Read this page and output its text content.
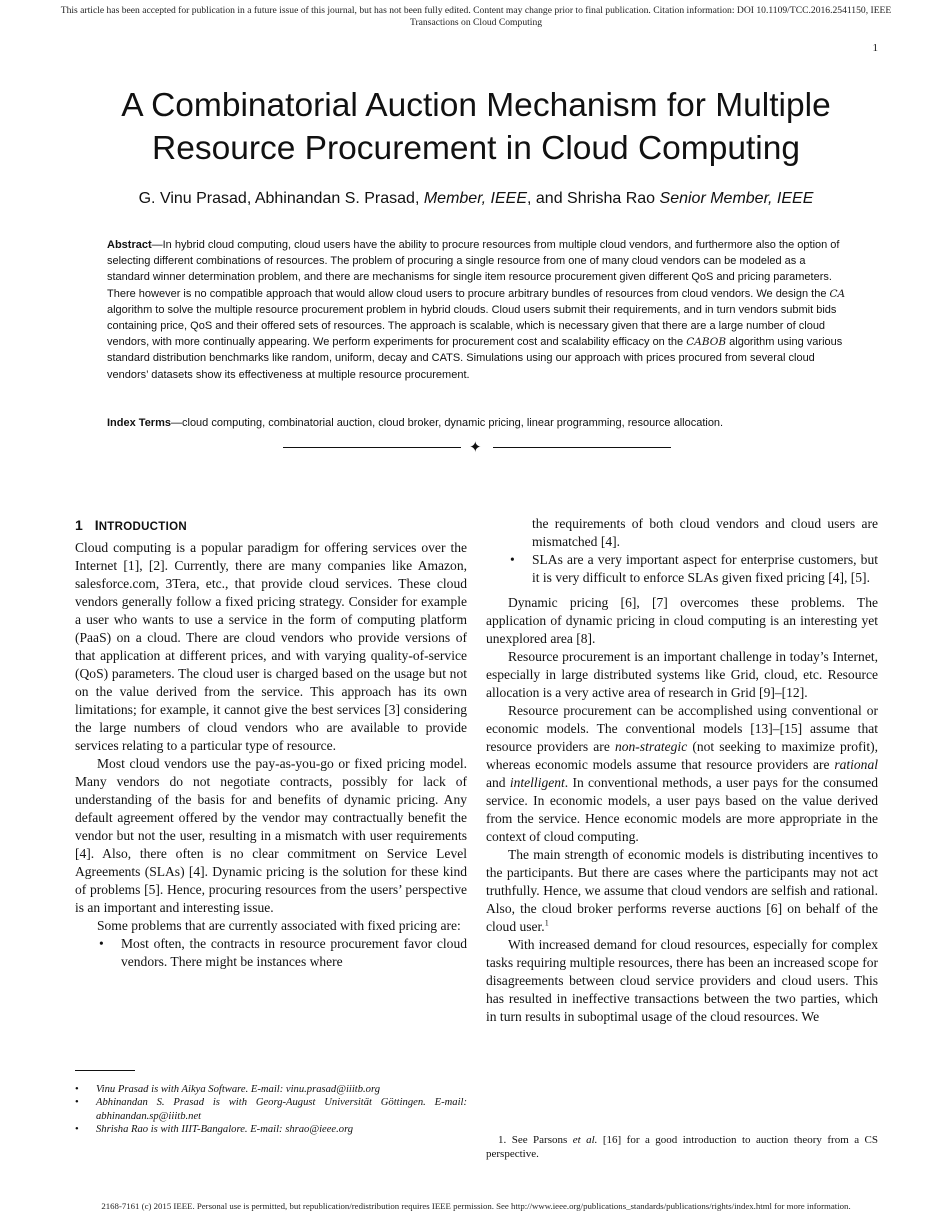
This article has been accepted for publication in a future issue of this journal, but has not been fully edited. Content may change prior to final publication. Citation information: DOI 10.1109/TCC.2016.2541150, IEEE
Transactions on Cloud Computing
1
A Combinatorial Auction Mechanism for Multiple
Resource Procurement in Cloud Computing
G. Vinu Prasad, Abhinandan S. Prasad, Member, IEEE, and Shrisha Rao Senior Member, IEEE
Abstract—In hybrid cloud computing, cloud users have the ability to procure resources from multiple cloud vendors, and furthermore also the option of selecting different combinations of resources. The problem of procuring a single resource from one of many cloud vendors can be modeled as a standard winner determination problem, and there are mechanisms for single item resource procurement given different QoS and pricing parameters. There however is no compatible approach that would allow cloud users to procure arbitrary bundles of resources from cloud vendors. We design the CA algorithm to solve the multiple resource procurement problem in hybrid clouds. Cloud users submit their requirements, and in turn vendors submit bids containing price, QoS and their offered sets of resources. The approach is scalable, which is necessary given that there are a large number of cloud vendors, with more continually appearing. We perform experiments for procurement cost and scalability efficacy on the CABOB algorithm using various standard distribution benchmarks like random, uniform, decay and CATS. Simulations using our approach with prices procured from several cloud vendors’ datasets show its effectiveness at multiple resource procurement.
Index Terms—cloud computing, combinatorial auction, cloud broker, dynamic pricing, linear programming, resource allocation.
✦
1 INTRODUCTION

Cloud computing is a popular paradigm for offering services over the Internet [1], [2]. Currently, there are many companies like Amazon, salesforce.com, 3Tera, etc., that provide cloud services. These cloud vendors generally follow a fixed pricing strategy. Consider for example a user who wants to use a service in the form of computing platform (PaaS) on a cloud. There are cloud vendors who provide versions of that application at different prices, and with varying quality-of-service (QoS) parameters. The cloud user is charged based on the usage but not on the value derived from the service. This approach has its own limitations; for example, it cannot give the best services [3] considering the large numbers of cloud vendors who are available to provide services relating to a particular type of resource.

Most cloud vendors use the pay-as-you-go or fixed pricing model. Many vendors do not negotiate contracts, possibly for lack of understanding of the basis for and benefits of dynamic pricing. Any default agreement offered by the vendor may contractually benefit the vendor but not the user, resulting in a mismatch with user requirements [4]. Also, there often is no clear commitment on Service Level Agreements (SLAs) [4]. Dynamic pricing is the solution for these kind of problems [5]. Hence, procuring resources from the users’ perspective is an important and interesting issue.

Some problems that are currently associated with fixed pricing are:

• Most often, the contracts in resource procurement favor cloud vendors. There might be instances where
• Vinu Prasad is with Aikya Software. E-mail: vinu.prasad@iiitb.org
• Abhinandan S. Prasad is with Georg-August Universität Göttingen. E-mail: abhinandan.sp@iiitb.net
• Shrisha Rao is with IIIT-Bangalore. E-mail: shrao@ieee.org
the requirements of both cloud vendors and cloud users are mismatched [4].
• SLAs are a very important aspect for enterprise customers, but it is very difficult to enforce SLAs given fixed pricing [4], [5].

Dynamic pricing [6], [7] overcomes these problems. The application of dynamic pricing in cloud computing is an interesting yet unexplored area [8].

Resource procurement is an important challenge in today’s Internet, especially in large distributed systems like Grid, cloud, etc. Resource allocation is a very active area of research in Grid [9]–[12].

Resource procurement can be accomplished using conventional or economic models. The conventional models [13]–[15] assume that resource providers are non-strategic (not seeking to maximize profit), whereas economic models assume that resource providers are rational and intelligent. In conventional methods, a user pays for the consumed service. In economic models, a user pays based on the value derived from the service. Hence economic models are more appropriate in the context of cloud computing.

The main strength of economic models is distributing incentives to the participants. But there are cases where the participants may not act truthfully. Hence, we assume that cloud vendors are selfish and rational. Also, the cloud broker performs reverse auctions [6] on behalf of the cloud user.$^1$

With increased demand for cloud resources, especially for complex tasks requiring multiple resources, there has been an increased scope for disagreements between cloud service providers and cloud users. This has resulted in ineffective transactions between the two parties, which in turn results in suboptimal usage of the cloud resources. We

1. See Parsons et al. [16] for a good introduction to auction theory from a CS perspective.
2168-7161 (c) 2015 IEEE. Personal use is permitted, but republication/redistribution requires IEEE permission. See http://www.ieee.org/publications_standards/publications/rights/index.html for more information.
